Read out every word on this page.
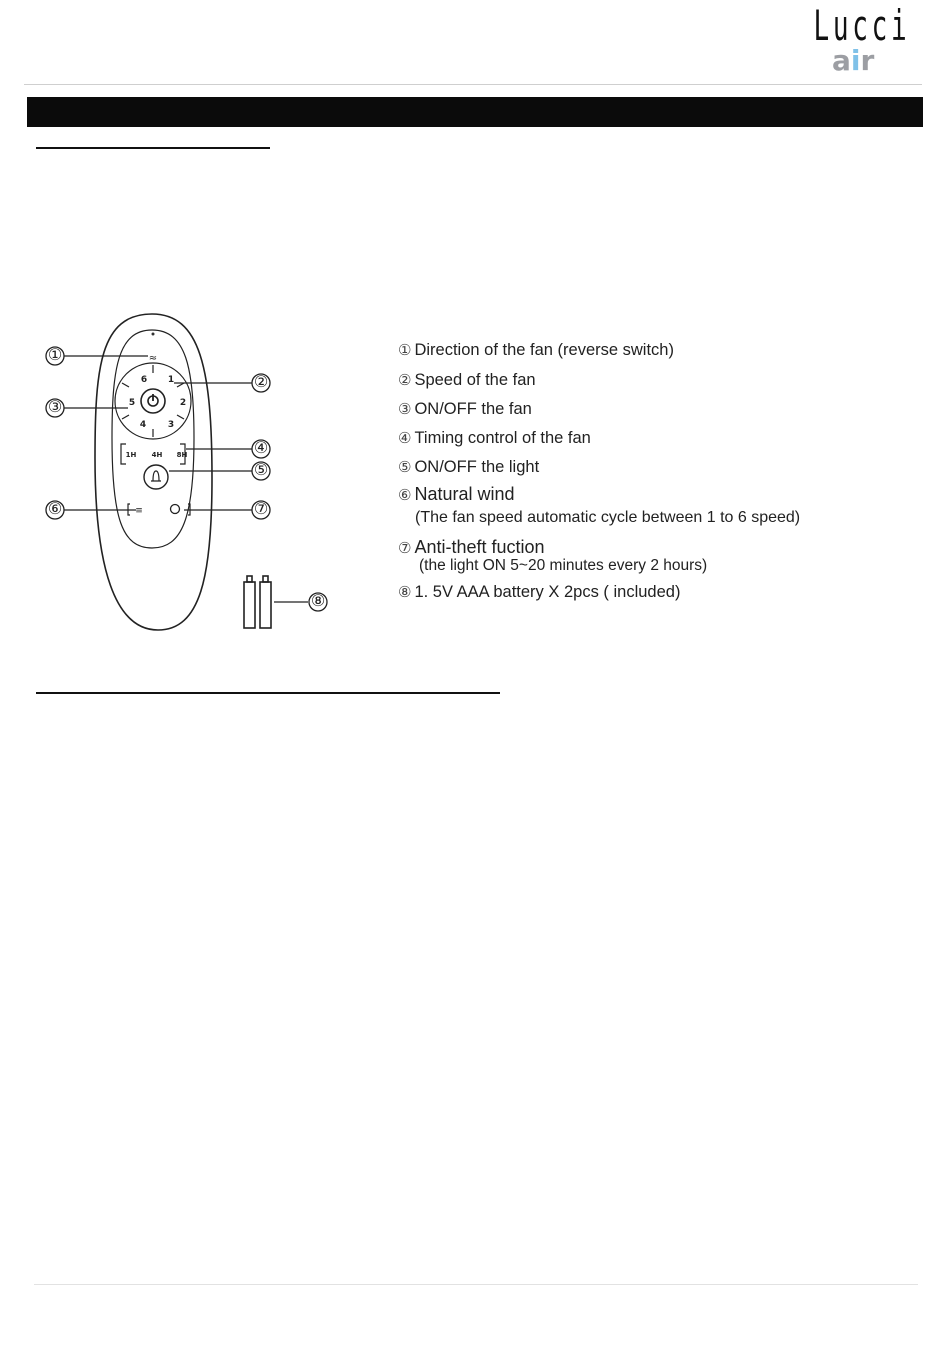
Lucci
air
≈
6 1
2
3
4
5
1H 4H 8H
≡
①
②
③
④
⑤
⑥	⑦
⑧
① Direction of the fan (reverse switch)
② Speed of the fan
③ ON/OFF the fan
④ Timing control of the fan
⑤ ON/OFF the light
⑥ Natural wind
(The fan speed automatic cycle between 1 to 6 speed)
⑦ Anti-theft fuction
(the light ON 5~20 minutes every 2 hours)
⑧ 1. 5V AAA battery X 2pcs ( included)
